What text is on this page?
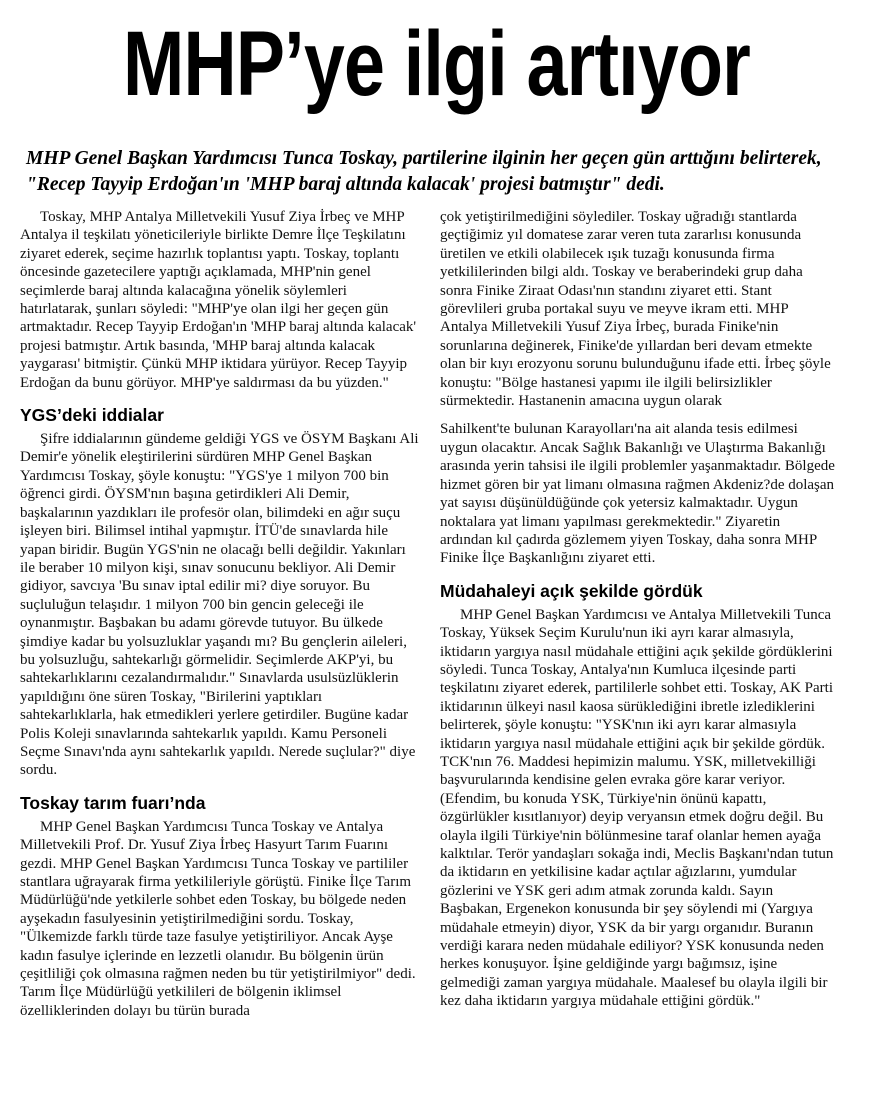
MHP’ye ilgi artıyor
MHP Genel Başkan Yardımcısı Tunca Toskay, partilerine ilginin her geçen gün arttığını belirterek, "Recep Tayyip Erdoğan'ın 'MHP baraj altında kalacak' projesi batmıştır" dedi.

Toskay, MHP Antalya Milletvekili Yusuf Ziya İrbeç ve MHP Antalya il teşkilatı yöneticileriyle birlikte Demre İlçe Teşkilatını ziyaret ederek, seçime hazırlık toplantısı yaptı. Toskay, toplantı öncesinde gazetecilere yaptığı açıklamada, MHP'nin genel seçimlerde baraj altında kalacağına yönelik söylemleri hatırlatarak, şunları söyledi: "MHP'ye olan ilgi her geçen gün artmaktadır. Recep Tayyip Erdoğan'ın 'MHP baraj altında kalacak' projesi batmıştır. Artık basında, 'MHP baraj altında kalacak yaygarası' bitmiştir. Çünkü MHP iktidara yürüyor. Recep Tayyip Erdoğan da bunu görüyor. MHP'ye saldırması da bu yüzden."

YGS’deki iddialar

Şifre iddialarının gündeme geldiği YGS ve ÖSYM Başkanı Ali Demir'e yönelik eleştirilerini sürdüren MHP Genel Başkan Yardımcısı Toskay, şöyle konuştu: "YGS'ye 1 milyon 700 bin öğrenci girdi. ÖYSM'nın başına getirdikleri Ali Demir, başkalarının yazdıkları ile profesör olan, bilimdeki en ağır suçu işleyen biri. Bilimsel intihal yapmıştır. İTÜ'de sınavlarda hile yapan biridir. Bugün YGS'nin ne olacağı belli değildir. Yakınları ile beraber 10 milyon kişi, sınav sonucunu bekliyor. Ali Demir gidiyor, savcıya 'Bu sınav iptal edilir mi? diye soruyor. Bu suçluluğun telaşıdır. 1 milyon 700 bin gencin geleceği ile oynanmıştır. Başbakan bu adamı görevde tutuyor. Bu ülkede şimdiye kadar bu yolsuzluklar yaşandı mı? Bu gençlerin aileleri, bu yolsuzluğu, sahtekarlığı görmelidir. Seçimlerde AKP'yi, bu sahtekarlıklarını cezalandırmalıdır." Sınavlarda usulsüzlüklerin yapıldığını öne süren Toskay, "Birilerini yaptıkları sahtekarlıklarla, hak etmedikleri yerlere getirdiler. Bugüne kadar Polis Koleji sınavlarında sahtekarlık yapıldı. Kamu Personeli Seçme Sınavı'nda aynı sahtekarlık yapıldı. Nerede suçlular?" diye sordu.

Toskay tarım fuarı’nda

MHP Genel Başkan Yardımcısı Tunca Toskay ve Antalya Milletvekili Prof. Dr. Yusuf Ziya İrbeç Hasyurt Tarım Fuarını gezdi. MHP Genel Başkan Yardımcısı Tunca Toskay ve partililer stantlara uğrayarak firma yetkilileriyle görüştü. Finike İlçe Tarım Müdürlüğü'nde yetkilerle sohbet eden Toskay, bu bölgede neden ayşekadın fasulyesinin yetiştirilmediğini sordu. Toskay, "Ülkemizde farklı türde taze fasulye yetiştiriliyor. Ancak Ayşe kadın fasulye içlerinde en lezzetli olanıdır. Bu bölgenin ürün çeşitliliği çok olmasına rağmen neden bu tür yetiştirilmiyor" dedi. Tarım İlçe Müdürlüğü yetkilileri de bölgenin iklimsel özelliklerinden dolayı bu türün burada

çok yetiştirilmediğini söylediler. Toskay uğradığı stantlarda geçtiğimiz yıl domatese zarar veren tuta zararlısı konusunda üretilen ve etkili olabilecek ışık tuzağı konusunda firma yetkililerinden bilgi aldı. Toskay ve beraberindeki grup daha sonra Finike Ziraat Odası'nın standını ziyaret etti. Stant görevlileri gruba portakal suyu ve meyve ikram etti. MHP Antalya Milletvekili Yusuf Ziya İrbeç, burada Finike'nin sorunlarına değinerek, Finike'de yıllardan beri devam etmekte olan bir kıyı erozyonu sorunu bulunduğunu ifade etti. İrbeç şöyle konuştu: "Bölge hastanesi yapımı ile ilgili belirsizlikler sürmektedir. Hastanenin amacına uygun olarak

Sahilkent'te bulunan Karayolları'na ait alanda tesis edilmesi uygun olacaktır. Ancak Sağlık Bakanlığı ve Ulaştırma Bakanlığı arasında yerin tahsisi ile ilgili problemler yaşanmaktadır. Bölgede hizmet gören bir yat limanı olmasına rağmen Akdeniz?de dolaşan yat sayısı düşünüldüğünde çok yetersiz kalmaktadır. Uygun noktalara yat limanı yapılması gerekmektedir." Ziyaretin ardından kıl çadırda gözlemem yiyen Toskay, daha sonra MHP Finike İlçe Başkanlığını ziyaret etti.

Müdahaleyi açık şekilde gördük

MHP Genel Başkan Yardımcısı ve Antalya Milletvekili Tunca Toskay, Yüksek Seçim Kurulu'nun iki ayrı karar almasıyla, iktidarın yargıya nasıl müdahale ettiğini açık şekilde gördüklerini söyledi. Tunca Toskay, Antalya'nın Kumluca ilçesinde parti teşkilatını ziyaret ederek, partililerle sohbet etti. Toskay, AK Parti iktidarının ülkeyi nasıl kaosa sürüklediğini ibretle izlediklerini belirterek, şöyle konuştu: "YSK'nın iki ayrı karar almasıyla iktidarın yargıya nasıl müdahale ettiğini açık bir şekilde gördük. TCK'nın 76. Maddesi hepimizin malumu. YSK, milletvekilliği başvurularında kendisine gelen evraka göre karar veriyor. (Efendim, bu konuda YSK, Türkiye'nin önünü kapattı, özgürlükler kısıtlanıyor) deyip veryansın etmek doğru değil. Bu olayla ilgili Türkiye'nin bölünmesine taraf olanlar hemen ayağa kalktılar. Terör yandaşları sokağa indi, Meclis Başkanı'ndan tutun da iktidarın en yetkilisine kadar açtılar ağızlarını, yumdular gözlerini ve YSK geri adım atmak zorunda kaldı. Sayın Başbakan, Ergenekon konusunda bir şey söylendi mi (Yargıya müdahale etmeyin) diyor, YSK da bir yargı organıdır. Buranın verdiği karara neden müdahale ediliyor? YSK konusunda neden herkes konuşuyor. İşine geldiğinde yargı bağımsız, işine gelmediği zaman yargıya müdahale. Maalesef bu olayla ilgili bir kez daha iktidarın yargıya müdahale ettiğini gördük."
